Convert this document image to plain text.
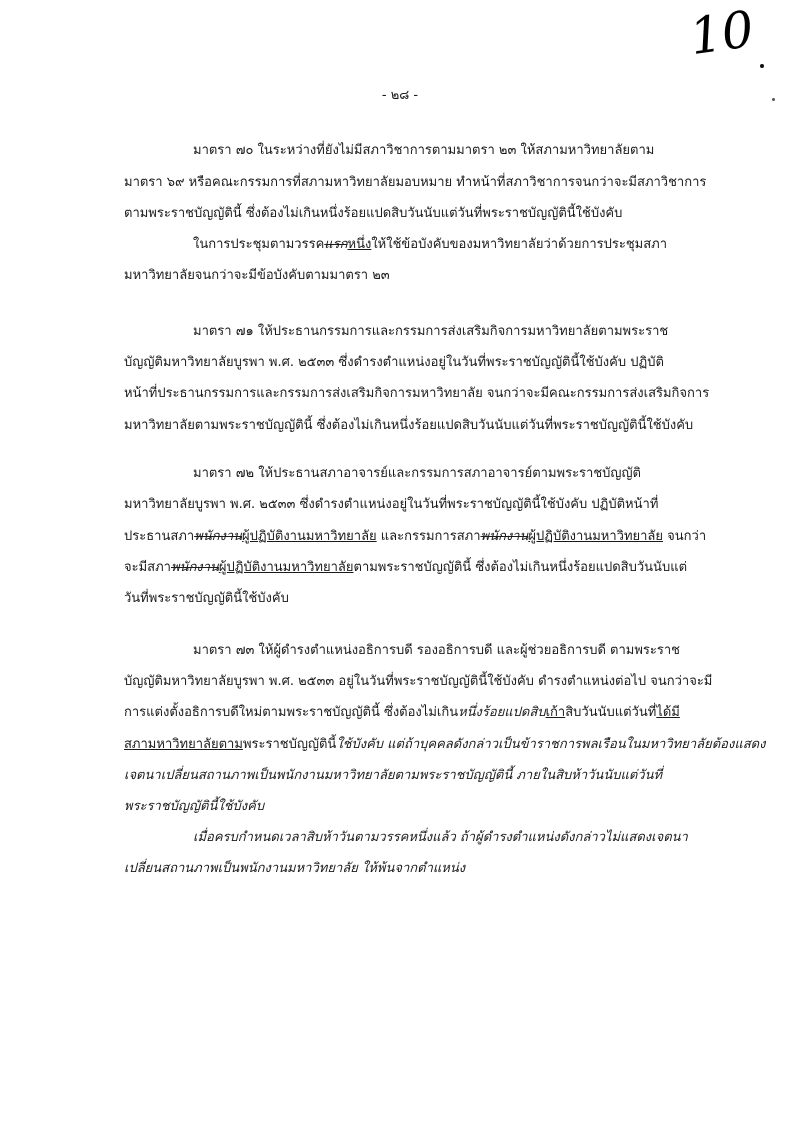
10
- ๒๘ -
มาตรา ๗๐ ในระหว่างที่ยังไม่มีสภาวิชาการตามมาตรา ๒๓ ให้สภามหาวิทยาลัยตาม
มาตรา ๖๙ หรือคณะกรรมการที่สภามหาวิทยาลัยมอบหมาย ทำหน้าที่สภาวิชาการจนกว่าจะมีสภาวิชาการ
ตามพระราชบัญญัตินี้ ซึ่งต้องไม่เกินหนึ่งร้อยแปดสิบวันนับแต่วันที่พระราชบัญญัตินี้ใช้บังคับ
ในการประชุมตามวรรคแรกหนึ่งให้ใช้ข้อบังคับของมหาวิทยาลัยว่าด้วยการประชุมสภา
มหาวิทยาลัยจนกว่าจะมีข้อบังคับตามมาตรา ๒๓
มาตรา ๗๑ ให้ประธานกรรมการและกรรมการส่งเสริมกิจการมหาวิทยาลัยตามพระราช
บัญญัติมหาวิทยาลัยบูรพา พ.ศ. ๒๕๓๓ ซึ่งดำรงตำแหน่งอยู่ในวันที่พระราชบัญญัตินี้ใช้บังคับ ปฏิบัติ
หน้าที่ประธานกรรมการและกรรมการส่งเสริมกิจการมหาวิทยาลัย จนกว่าจะมีคณะกรรมการส่งเสริมกิจการ
มหาวิทยาลัยตามพระราชบัญญัตินี้ ซึ่งต้องไม่เกินหนึ่งร้อยแปดสิบวันนับแต่วันที่พระราชบัญญัตินี้ใช้บังคับ
มาตรา ๗๒ ให้ประธานสภาอาจารย์และกรรมการสภาอาจารย์ตามพระราชบัญญัติ
มหาวิทยาลัยบูรพา พ.ศ. ๒๕๓๓ ซึ่งดำรงตำแหน่งอยู่ในวันที่พระราชบัญญัตินี้ใช้บังคับ ปฏิบัติหน้าที่
ประธานสภาพนักงานผู้ปฏิบัติงานมหาวิทยาลัย และกรรมการสภาพนักงานผู้ปฏิบัติงานมหาวิทยาลัย จนกว่า
จะมีสภาพนักงานผู้ปฏิบัติงานมหาวิทยาลัยตามพระราชบัญญัตินี้ ซึ่งต้องไม่เกินหนึ่งร้อยแปดสิบวันนับแต่
วันที่พระราชบัญญัตินี้ใช้บังคับ
มาตรา ๗๓ ให้ผู้ดำรงตำแหน่งอธิการบดี รองอธิการบดี และผู้ช่วยอธิการบดี ตามพระราช
บัญญัติมหาวิทยาลัยบูรพา พ.ศ. ๒๕๓๓ อยู่ในวันที่พระราชบัญญัตินี้ใช้บังคับ ดำรงตำแหน่งต่อไป จนกว่าจะมี
การแต่งตั้งอธิการบดีใหม่ตามพระราชบัญญัตินี้ ซึ่งต้องไม่เกินหนึ่งร้อยแปดสิบเก้าสิบวันนับแต่วันที่ได้มี
สภามหาวิทยาลัยตามพระราชบัญญัตินี้ใช้บังคับ แต่ถ้าบุคคลดังกล่าวเป็นข้าราชการพลเรือนในมหาวิทยาลัยต้องแสดง
เจตนาเปลี่ยนสถานภาพเป็นพนักงานมหาวิทยาลัยตามพระราชบัญญัตินี้ ภายในสิบห้าวันนับแต่วันที่
พระราชบัญญัตินี้ใช้บังคับ
เมื่อครบกำหนดเวลาสิบห้าวันตามวรรคหนึ่งแล้ว ถ้าผู้ดำรงตำแหน่งดังกล่าวไม่แสดงเจตนา
เปลี่ยนสถานภาพเป็นพนักงานมหาวิทยาลัย ให้พ้นจากตำแหน่ง
